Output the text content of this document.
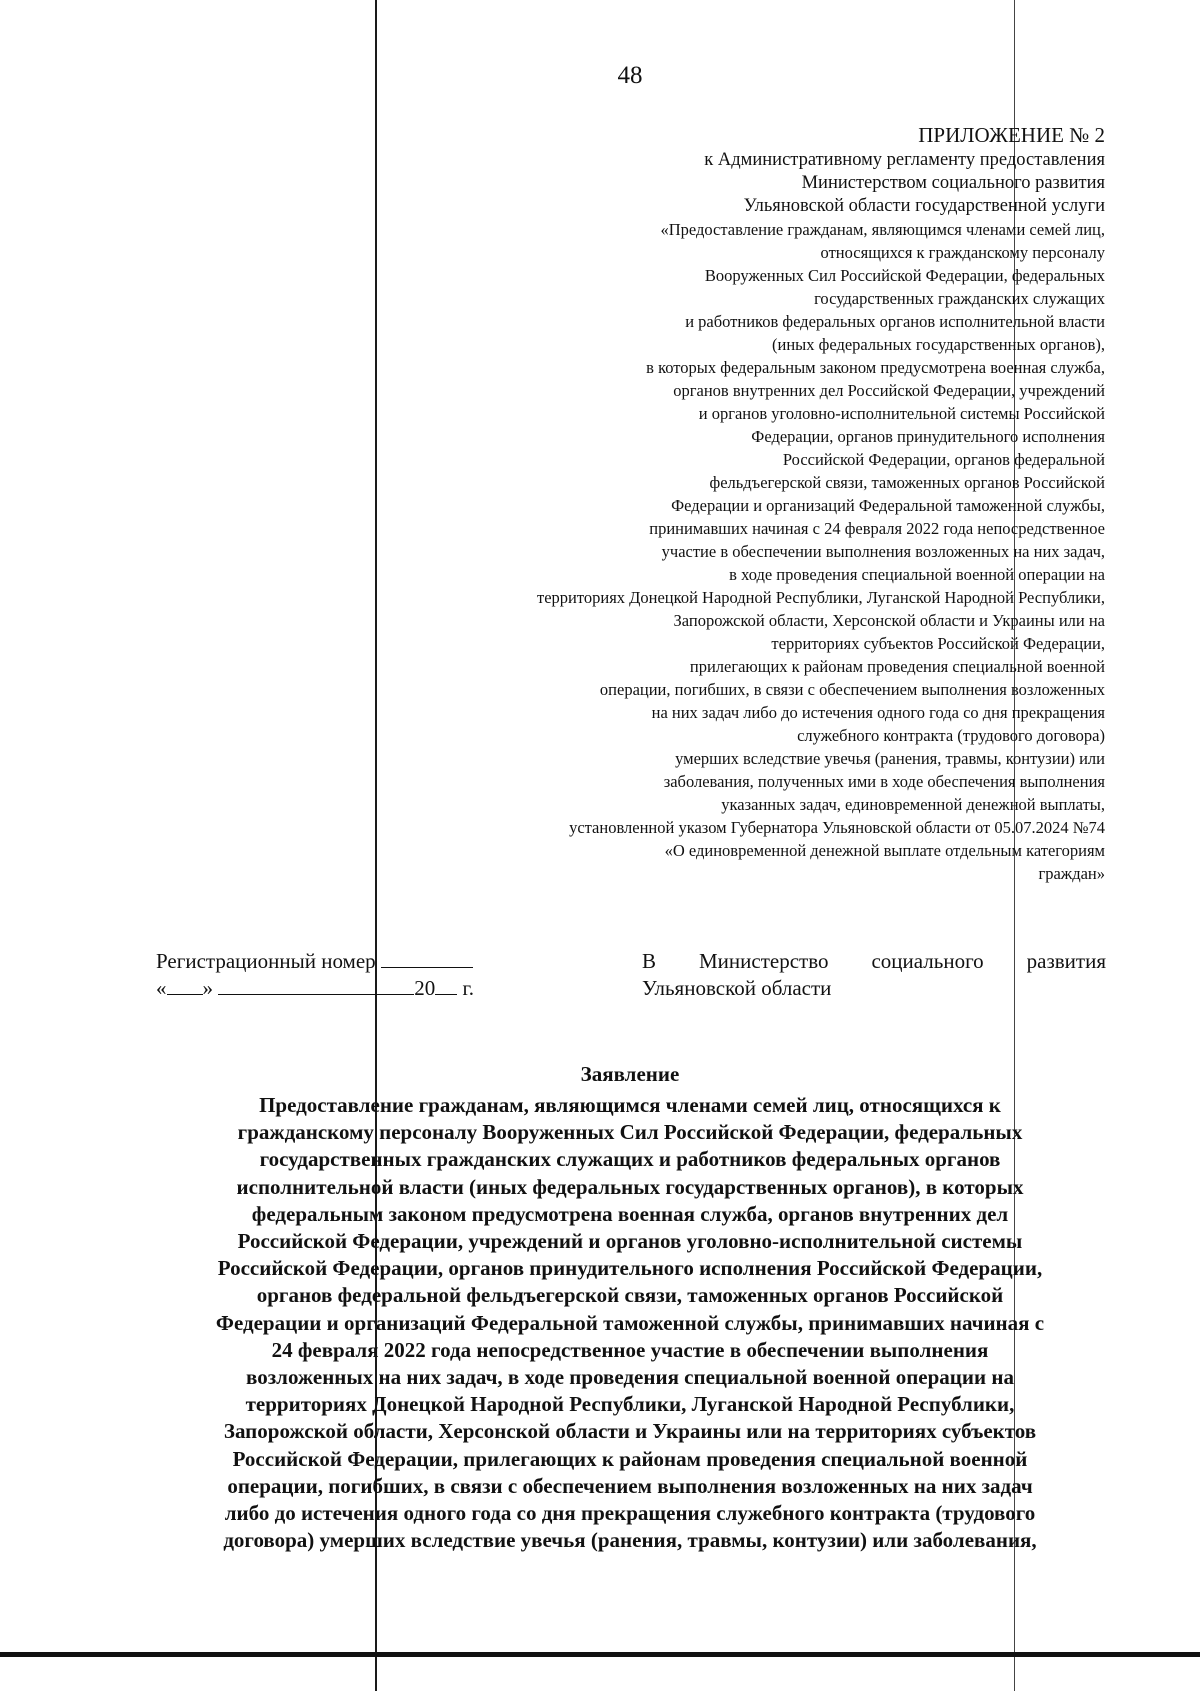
48
ПРИЛОЖЕНИЕ № 2
к Административному регламенту предоставления
Министерством социального развития
Ульяновской области государственной услуги
«Предоставление гражданам, являющимся членами семей лиц,
относящихся к гражданскому персоналу
Вооруженных Сил Российской Федерации, федеральных
государственных гражданских служащих
и работников федеральных органов исполнительной власти
(иных федеральных государственных органов),
в которых федеральным законом предусмотрена военная служба,
органов внутренних дел Российской Федерации, учреждений
и органов уголовно-исполнительной системы Российской
Федерации, органов принудительного исполнения
Российской Федерации, органов федеральной
фельдъегерской связи, таможенных органов Российской
Федерации и организаций Федеральной таможенной службы,
принимавших начиная с 24 февраля 2022 года непосредственное
участие в обеспечении выполнения возложенных на них задач,
в ходе проведения специальной военной операции на
территориях Донецкой Народной Республики, Луганской Народной Республики,
Запорожской области, Херсонской области и Украины или на
территориях субъектов Российской Федерации,
прилегающих к районам проведения специальной военной
операции, погибших, в связи с обеспечением выполнения возложенных
на них задач либо до истечения одного года со дня прекращения
служебного контракта (трудового договора)
умерших вследствие увечья (ранения, травмы, контузии) или
заболевания, полученных ими в ходе обеспечения выполнения
указанных задач, единовременной денежной выплаты,
установленной указом Губернатора Ульяновской области от 05.07.2024 №74
«О единовременной денежной выплате отдельным категориям
граждан»
Регистрационный номер
« »	20 г.
В Министерство социального развития Ульяновской области
Заявление
Предоставление гражданам, являющимся членами семей лиц, относящихся к
гражданскому персоналу Вооруженных Сил Российской Федерации, федеральных
государственных гражданских служащих и работников федеральных органов
исполнительной власти (иных федеральных государственных органов), в которых
федеральным законом предусмотрена военная служба, органов внутренних дел
Российской Федерации, учреждений и органов уголовно-исполнительной системы
Российской Федерации, органов принудительного исполнения Российской Федерации,
органов федеральной фельдъегерской связи, таможенных органов Российской
Федерации и организаций Федеральной таможенной службы, принимавших начиная с
24 февраля 2022 года непосредственное участие в обеспечении выполнения
возложенных на них задач, в ходе проведения специальной военной операции на
территориях Донецкой Народной Республики, Луганской Народной Республики,
Запорожской области, Херсонской области и Украины или на территориях субъектов
Российской Федерации, прилегающих к районам проведения специальной военной
операции, погибших, в связи с обеспечением выполнения возложенных на них задач
либо до истечения одного года со дня прекращения служебного контракта (трудового
договора) умерших вследствие увечья (ранения, травмы, контузии) или заболевания,
